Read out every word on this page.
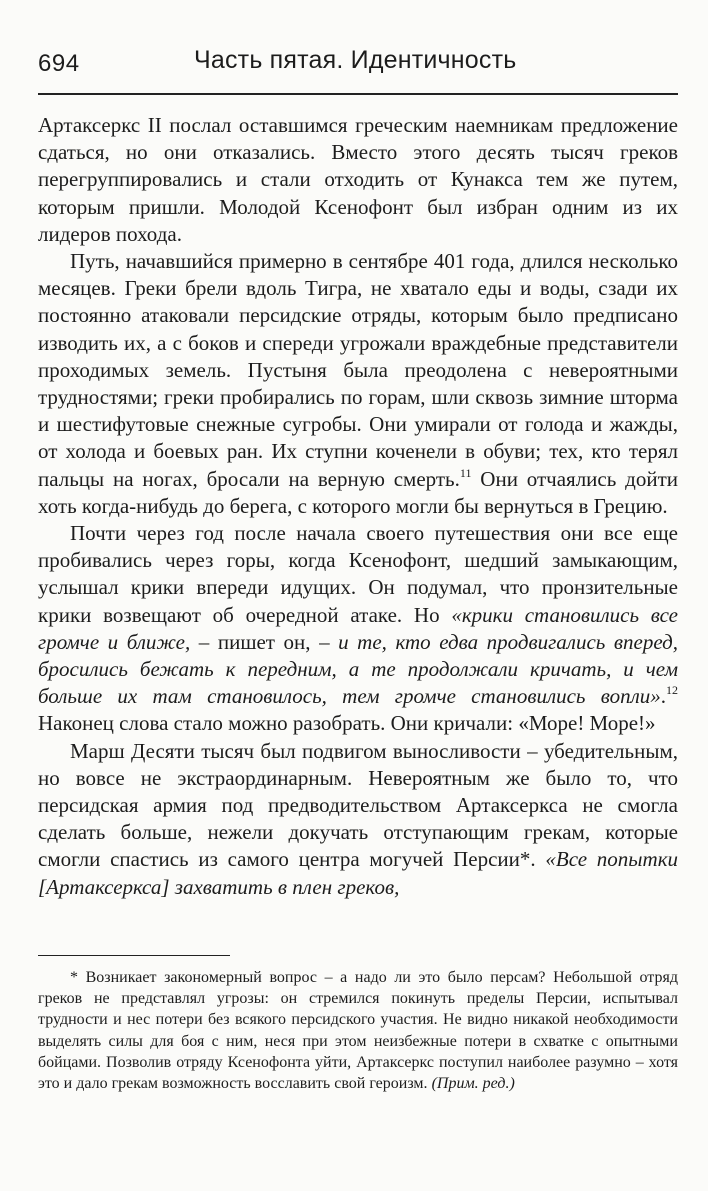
694	Часть пятая. Идентичность

Артаксеркс II послал оставшимся греческим наемникам предложение сдаться, но они отказались. Вместо этого десять тысяч греков перегруппировались и стали отходить от Кунакса тем же путем, которым пришли. Молодой Ксенофонт был избран одним из их лидеров похода.

Путь, начавшийся примерно в сентябре 401 года, длился несколько месяцев. Греки брели вдоль Тигра, не хватало еды и воды, сзади их постоянно атаковали персидские отряды, которым было предписано изводить их, а с боков и спереди угрожали враждебные представители проходимых земель. Пустыня была преодолена с невероятными трудностями; греки пробирались по горам, шли сквозь зимние шторма и шестифутовые снежные сугробы. Они умирали от голода и жажды, от холода и боевых ран. Их ступни коченели в обуви; тех, кто терял пальцы на ногах, бросали на верную смерть.$^{11}$ Они отчаялись дойти хоть когда-нибудь до берега, с которого могли бы вернуться в Грецию.

Почти через год после начала своего путешествия они все еще пробивались через горы, когда Ксенофонт, шедший замыкающим, услышал крики впереди идущих. Он подумал, что пронзительные крики возвещают об очередной атаке. Но «крики становились все громче и ближе, – пишет он, – и те, кто едва продвигались вперед, бросились бежать к передним, а те продолжали кричать, и чем больше их там становилось, тем громче становились вопли».$^{12}$ Наконец слова стало можно разобрать. Они кричали: «Море! Море!»

Марш Десяти тысяч был подвигом выносливости – убедительным, но вовсе не экстраординарным. Невероятным же было то, что персидская армия под предводительством Артаксеркса не смогла сделать больше, нежели докучать отступающим грекам, которые смогли спастись из самого центра могучей Персии*. «Все попытки [Артаксеркса] захватить в плен греков,

* Возникает закономерный вопрос – а надо ли это было персам? Небольшой отряд греков не представлял угрозы: он стремился покинуть пределы Персии, испытывал трудности и нес потери без всякого персидского участия. Не видно никакой необходимости выделять силы для боя с ним, неся при этом неизбежные потери в схватке с опытными бойцами. Позволив отряду Ксенофонта уйти, Артаксеркс поступил наиболее разумно – хотя это и дало грекам возможность восславить свой героизм. (Прим. ред.)
